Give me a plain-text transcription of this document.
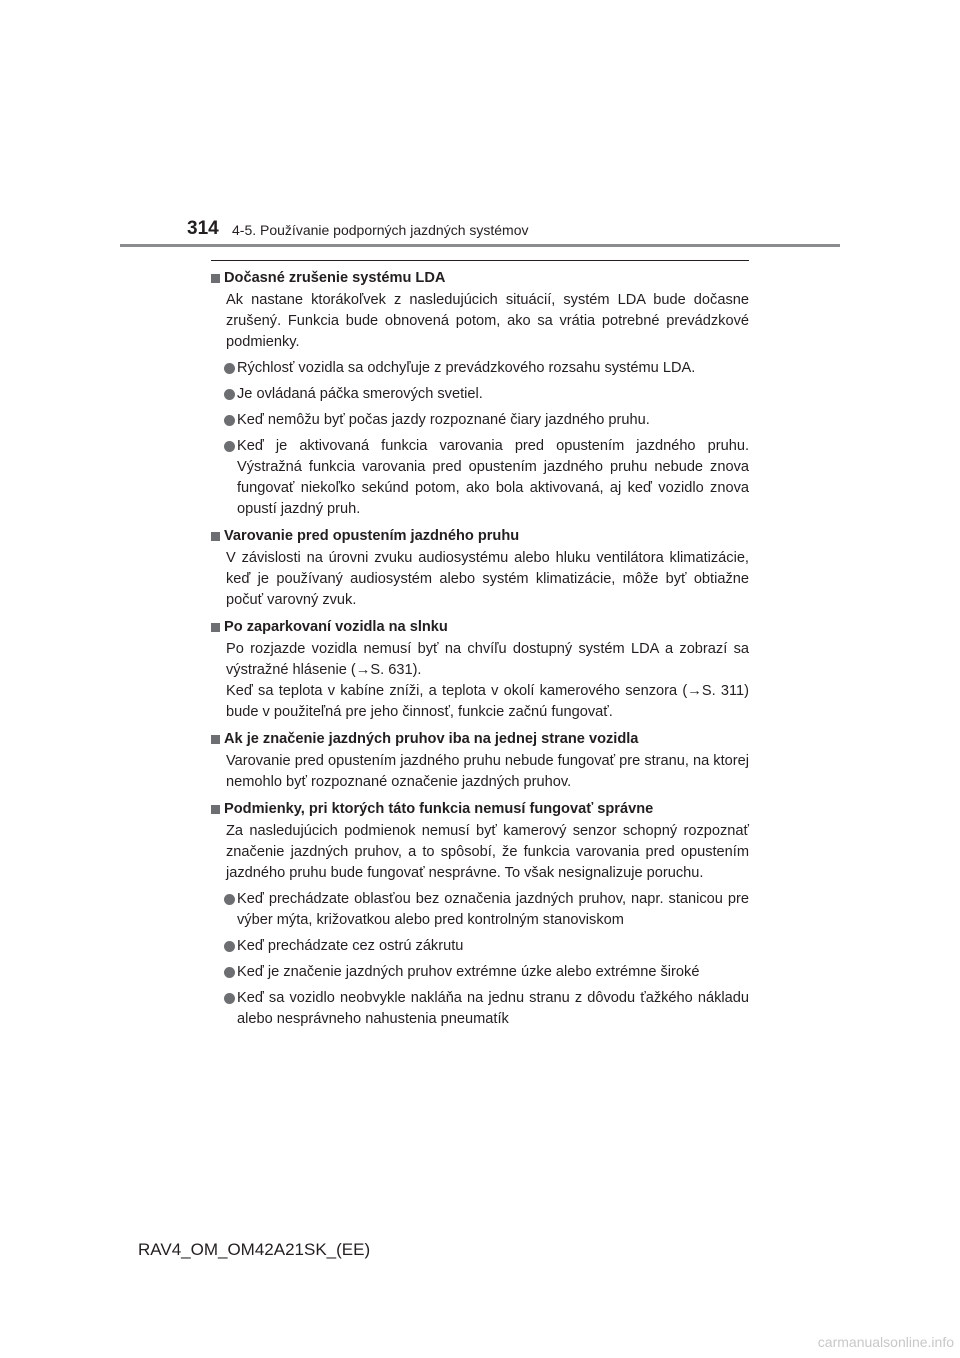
314 4-5. Používanie podporných jazdných systémov
Dočasné zrušenie systému LDA
Ak nastane ktorákoľvek z nasledujúcich situácií, systém LDA bude dočasne zrušený. Funkcia bude obnovená potom, ako sa vrátia potrebné prevádzkové podmienky.
Rýchlosť vozidla sa odchyľuje z prevádzkového rozsahu systému LDA.
Je ovládaná páčka smerových svetiel.
Keď nemôžu byť počas jazdy rozpoznané čiary jazdného pruhu.
Keď je aktivovaná funkcia varovania pred opustením jazdného pruhu. Výstražná funkcia varovania pred opustením jazdného pruhu nebude znova fungovať niekoľko sekúnd potom, ako bola aktivovaná, aj keď vozidlo znova opustí jazdný pruh.
Varovanie pred opustením jazdného pruhu
V závislosti na úrovni zvuku audiosystému alebo hluku ventilátora klimatizácie, keď je používaný audiosystém alebo systém klimatizácie, môže byť obtiažne počuť varovný zvuk.
Po zaparkovaní vozidla na slnku
Po rozjazde vozidla nemusí byť na chvíľu dostupný systém LDA a zobrazí sa výstražné hlásenie (→S. 631).
Keď sa teplota v kabíne zníži, a teplota v okolí kamerového senzora (→S. 311) bude v použiteľná pre jeho činnosť, funkcie začnú fungovať.
Ak je značenie jazdných pruhov iba na jednej strane vozidla
Varovanie pred opustením jazdného pruhu nebude fungovať pre stranu, na ktorej nemohlo byť rozpoznané označenie jazdných pruhov.
Podmienky, pri ktorých táto funkcia nemusí fungovať správne
Za nasledujúcich podmienok nemusí byť kamerový senzor schopný rozpoznať značenie jazdných pruhov, a to spôsobí, že funkcia varovania pred opustením jazdného pruhu bude fungovať nesprávne. To však nesignalizuje poruchu.
Keď prechádzate oblasťou bez označenia jazdných pruhov, napr. stanicou pre výber mýta, križovatkou alebo pred kontrolným stanoviskom
Keď prechádzate cez ostrú zákrutu
Keď je značenie jazdných pruhov extrémne úzke alebo extrémne široké
Keď sa vozidlo neobvykle nakláňa na jednu stranu z dôvodu ťažkého nákladu alebo nesprávneho nahustenia pneumatík
RAV4_OM_OM42A21SK_(EE)
carmanualsonline.info
